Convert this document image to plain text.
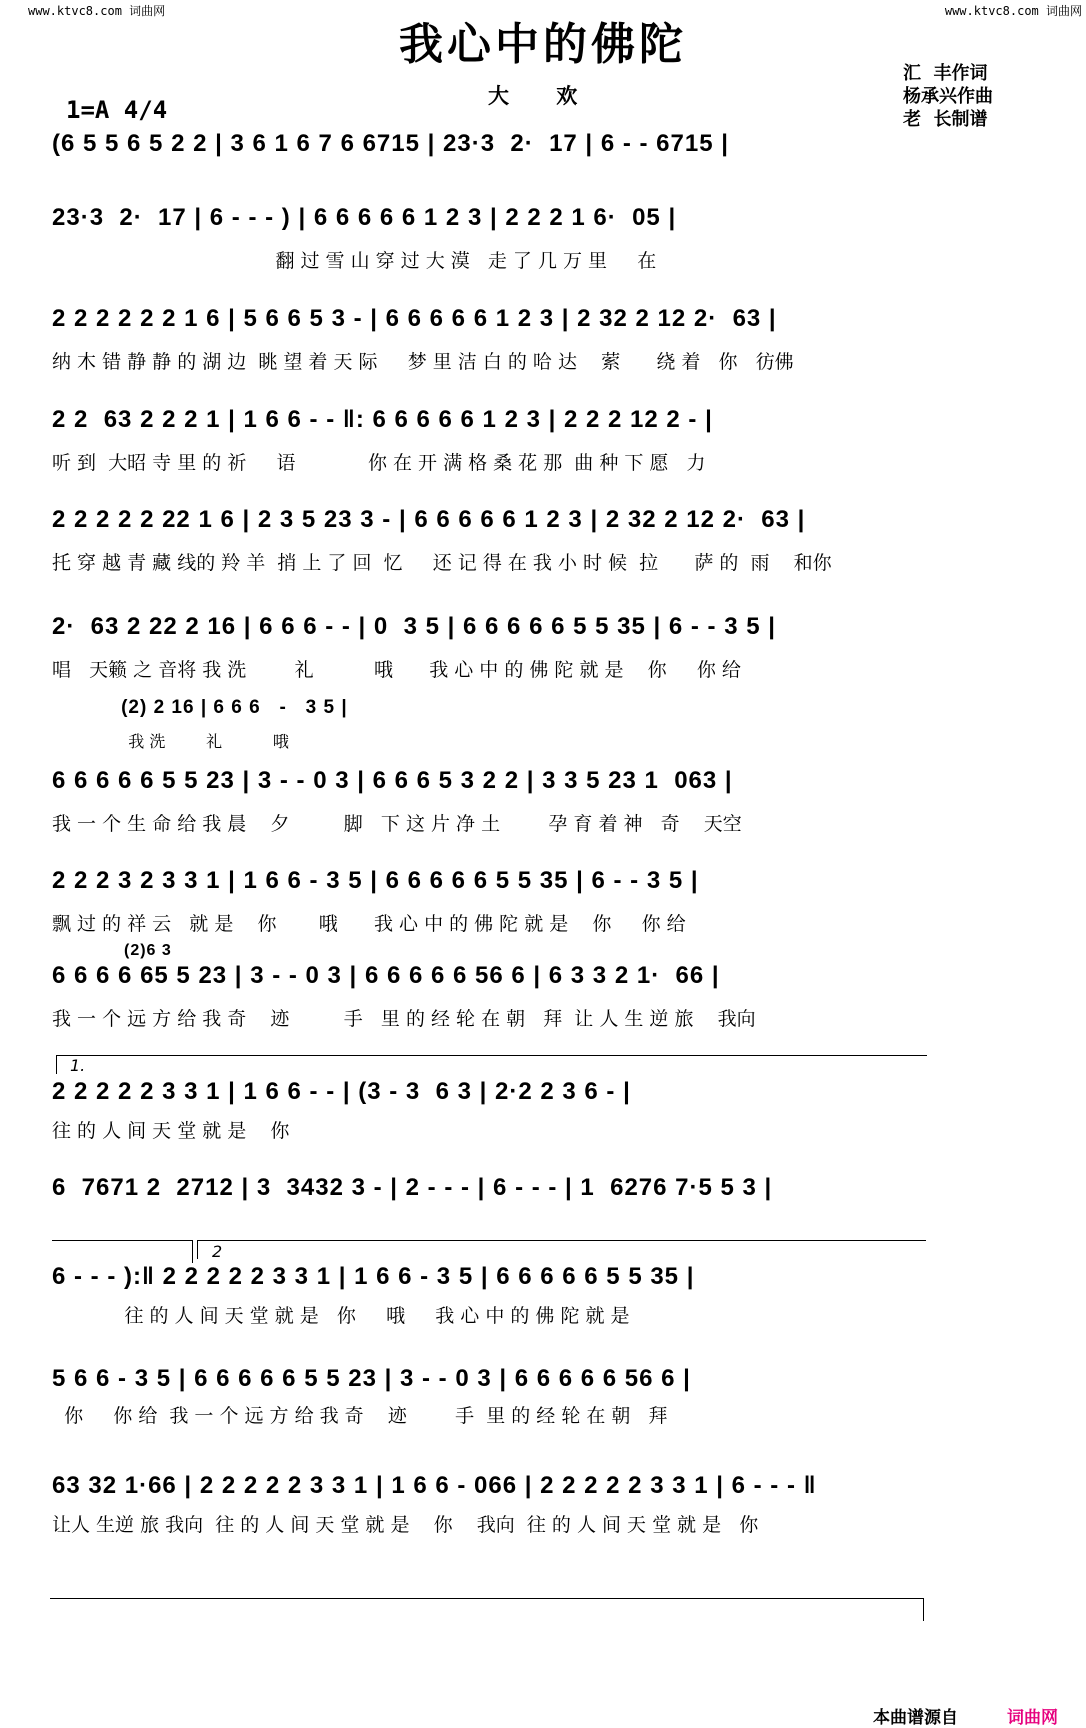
www.ktvc8.com 词曲网	www.ktvc8.com 词曲网
我心中的佛陀
大 欢
1=A 4/4
汇  丰作词
杨承兴作曲
老  长制谱
(6 5 5 6 5 2 2 | 3 6 1 6 7 6 6715 | 23·3  2·  17 | 6 - - 6715 |
23·3  2·  17 | 6 - - - ) | 6 6 6 6 6 1 2 3 | 2 2 2 1 6·  05 |
翻 过 雪 山 穿 过 大 漠   走 了 几 万 里     在
2 2 2 2 2 2 1 6 | 5 6 6 5 3 - | 6 6 6 6 6 1 2 3 | 2 32 2 12 2·  63 |
纳 木 错 静 静 的 湖 边  眺 望 着 天 际     梦 里 洁 白 的 哈 达    萦      绕 着   你   彷佛
2 2  63 2 2 2 1 | 1 6 6 - - ‖: 6 6 6 6 6 1 2 3 | 2 2 2 12 2 - |
听 到  大昭 寺 里 的 祈     语            你 在 开 满 格 桑 花 那  曲 种 下 愿   力
2 2 2 2 2 22 1 6 | 2 3 5 23 3 - | 6 6 6 6 6 1 2 3 | 2 32 2 12 2·  63 |
托 穿 越 青 藏 线的 羚 羊  捎 上 了 回  忆     还 记 得 在 我 小 时 候  拉      萨 的  雨    和你
2·  63 2 22 2 16 | 6 6 6 - - | 0  3 5 | 6 6 6 6 6 5 5 35 | 6 - - 3 5 |
唱   天籁 之 音将 我 洗        礼          哦      我 心 中 的 佛 陀 就 是    你     你 给
(2) 2 16 | 6 6 6   -   3 5 |
我 洗        礼          哦
6 6 6 6 6 5 5 23 | 3 - - 0 3 | 6 6 6 5 3 2 2 | 3 3 5 23 1  063 |
我 一 个 生 命 给 我 晨    夕         脚   下 这 片 净 土        孕 育 着 神   奇    天空
2 2 2 3 2 3 3 1 | 1 6 6 - 3 5 | 6 6 6 6 6 5 5 35 | 6 - - 3 5 |
飘 过 的 祥 云   就 是    你       哦      我 心 中 的 佛 陀 就 是    你     你 给
(2)6 3
6 6 6 6 65 5 23 | 3 - - 0 3 | 6 6 6 6 6 56 6 | 6 3 3 2 1·  66 |
我 一 个 远 方 给 我 奇    迹         手   里 的 经 轮 在 朝   拜  让 人 生 逆 旅    我向
1.
2 2 2 2 2 3 3 1 | 1 6 6 - - | (3 - 3  6 3 | 2·2 2 3 6 - |
往 的 人 间 天 堂 就 是    你
6  7671 2  2712 | 3  3432 3 - | 2 - - - | 6 - - - | 1  6276 7·5 5 3 |
2
6 - - - ):‖ 2 2 2 2 2 3 3 1 | 1 6 6 - 3 5 | 6 6 6 6 6 5 5 35 |
往 的 人 间 天 堂 就 是   你     哦     我 心 中 的 佛 陀 就 是
5 6 6 - 3 5 | 6 6 6 6 6 5 5 23 | 3 - - 0 3 | 6 6 6 6 6 56 6 |
你     你 给  我 一 个 远 方 给 我 奇    迹        手  里 的 经 轮 在 朝   拜
63 32 1·66 | 2 2 2 2 2 3 3 1 | 1 6 6 - 066 | 2 2 2 2 2 3 3 1 | 6 - - - ‖
让人 生逆 旅 我向  往 的 人 间 天 堂 就 是    你    我向  往 的 人 间 天 堂 就 是   你
本曲谱源自	词曲网
